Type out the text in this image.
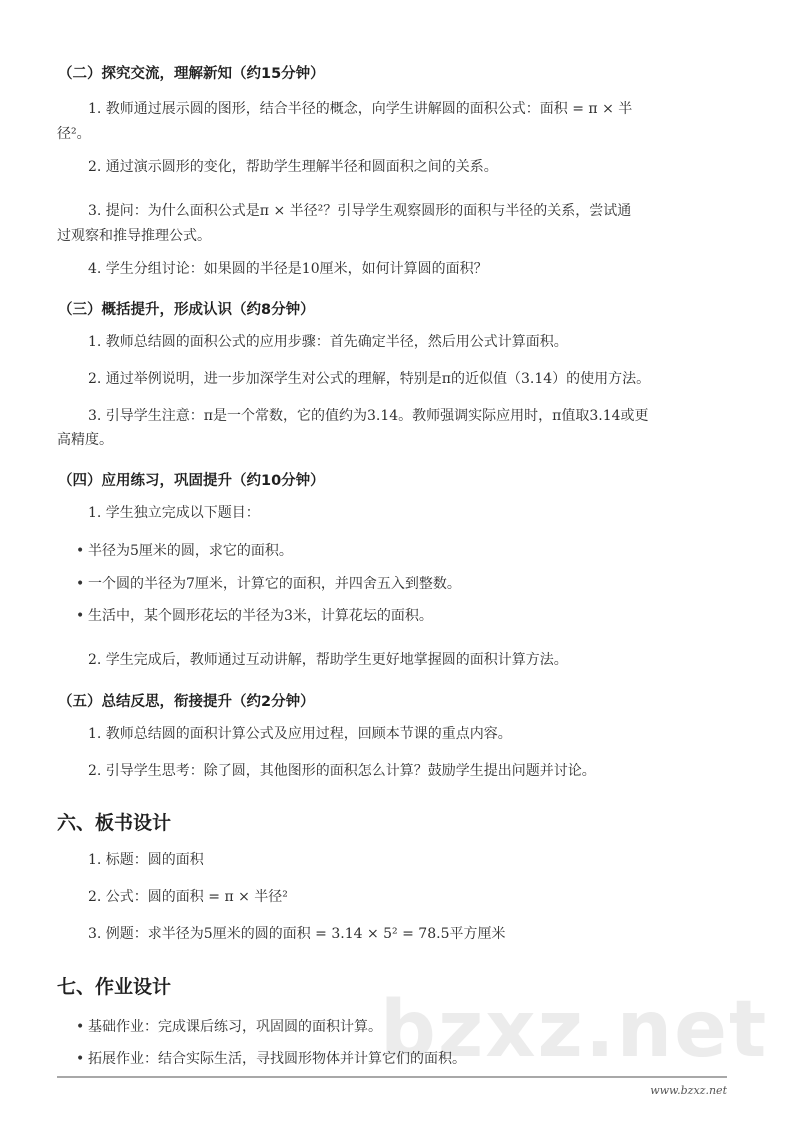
bzxz.net
（二）探究交流，理解新知（约15分钟）
1. 教师通过展示圆的图形，结合半径的概念，向学生讲解圆的面积公式：面积 = π × 半
径²。
2. 通过演示圆形的变化，帮助学生理解半径和圆面积之间的关系。
3. 提问：为什么面积公式是π × 半径²？引导学生观察圆形的面积与半径的关系，尝试通
过观察和推导推理公式。
4. 学生分组讨论：如果圆的半径是10厘米，如何计算圆的面积？
（三）概括提升，形成认识（约8分钟）
1. 教师总结圆的面积公式的应用步骤：首先确定半径，然后用公式计算面积。
2. 通过举例说明，进一步加深学生对公式的理解，特别是π的近似值（3.14）的使用方法。
3. 引导学生注意：π是一个常数，它的值约为3.14。教师强调实际应用时，π值取3.14或更
高精度。
（四）应用练习，巩固提升（约10分钟）
1. 学生独立完成以下题目：
• 半径为5厘米的圆，求它的面积。
• 一个圆的半径为7厘米，计算它的面积，并四舍五入到整数。
• 生活中，某个圆形花坛的半径为3米，计算花坛的面积。
2. 学生完成后，教师通过互动讲解，帮助学生更好地掌握圆的面积计算方法。
（五）总结反思，衔接提升（约2分钟）
1. 教师总结圆的面积计算公式及应用过程，回顾本节课的重点内容。
2. 引导学生思考：除了圆，其他图形的面积怎么计算？鼓励学生提出问题并讨论。
六、板书设计
1. 标题：圆的面积
2. 公式：圆的面积 = π × 半径²
3. 例题：求半径为5厘米的圆的面积 = 3.14 × 5² = 78.5平方厘米
七、作业设计
• 基础作业：完成课后练习，巩固圆的面积计算。
• 拓展作业：结合实际生活，寻找圆形物体并计算它们的面积。
www.bzxz.net
